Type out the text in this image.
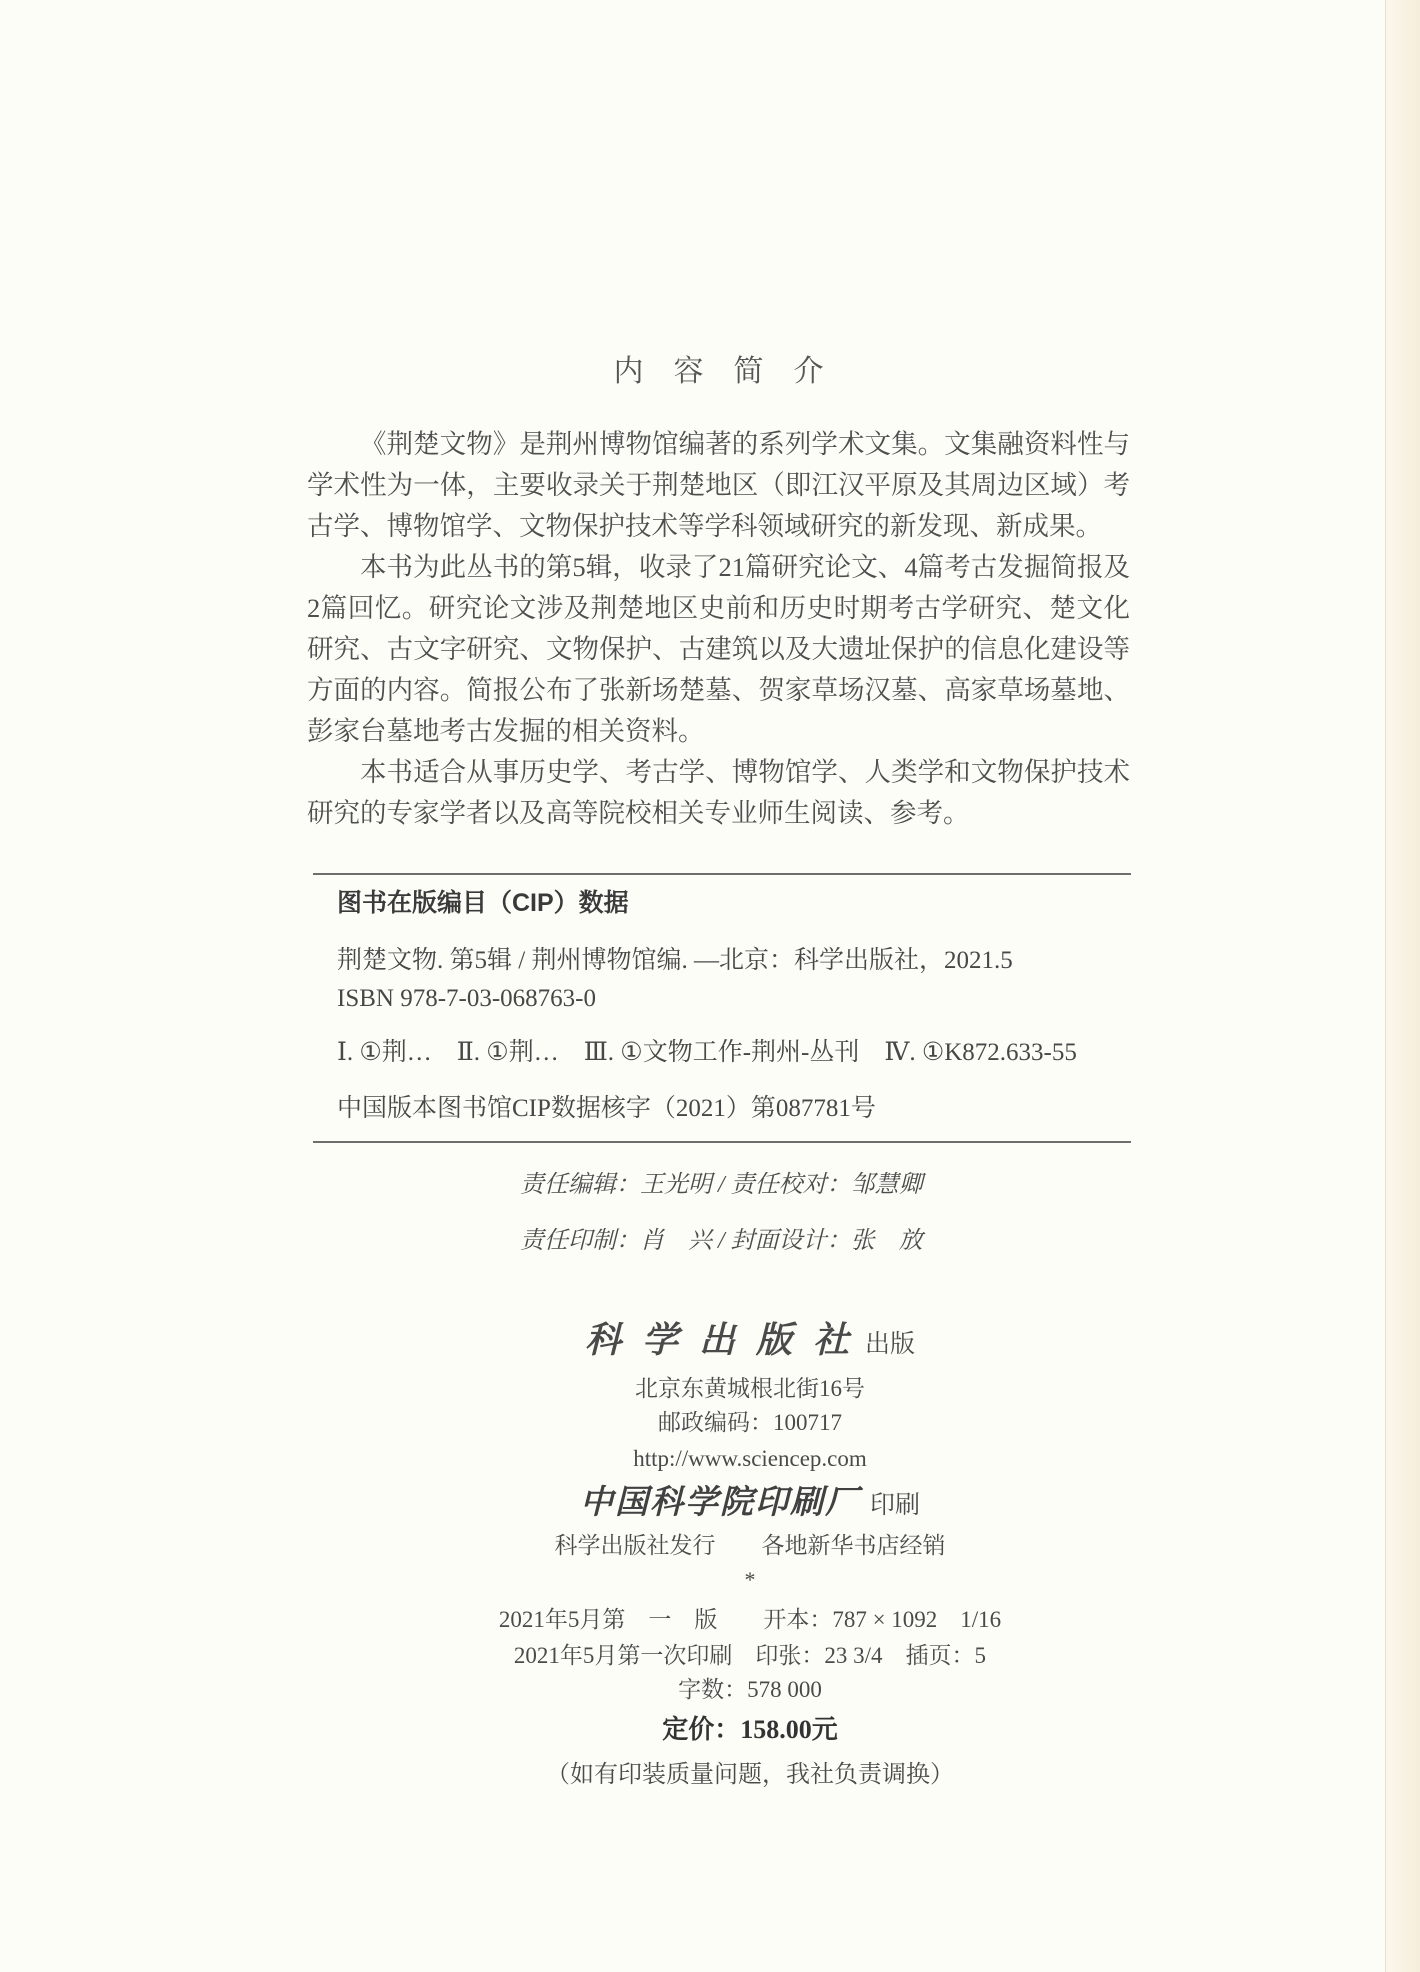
内　容　简　介

《荆楚文物》是荆州博物馆编著的系列学术文集。文集融资料性与学术性为一体，主要收录关于荆楚地区（即江汉平原及其周边区域）考古学、博物馆学、文物保护技术等学科领域研究的新发现、新成果。

本书为此丛书的第5辑，收录了21篇研究论文、4篇考古发掘简报及2篇回忆。研究论文涉及荆楚地区史前和历史时期考古学研究、楚文化研究、古文字研究、文物保护、古建筑以及大遗址保护的信息化建设等方面的内容。简报公布了张新场楚墓、贺家草场汉墓、高家草场墓地、彭家台墓地考古发掘的相关资料。

本书适合从事历史学、考古学、博物馆学、人类学和文物保护技术研究的专家学者以及高等院校相关专业师生阅读、参考。

图书在版编目（CIP）数据

荆楚文物. 第5辑 / 荆州博物馆编. —北京：科学出版社，2021.5

ISBN 978-7-03-068763-0

Ⅰ. ①荆…　Ⅱ. ①荆…　Ⅲ. ①文物工作-荆州-丛刊　Ⅳ. ①K872.633-55

中国版本图书馆CIP数据核字（2021）第087781号

责任编辑：王光明 / 责任校对：邹慧卿

责任印制：肖　兴 / 封面设计：张　放

科 学 出 版 社 出版

北京东黄城根北街16号

邮政编码：100717

http://www.sciencep.com

中国科学院印刷厂 印刷

科学出版社发行　　各地新华书店经销

*

2021年5月第　一　版　　开本：787 × 1092　1/16

2021年5月第一次印刷　印张：23 3/4　插页：5

字数：578 000

定价：158.00元

（如有印装质量问题，我社负责调换）
